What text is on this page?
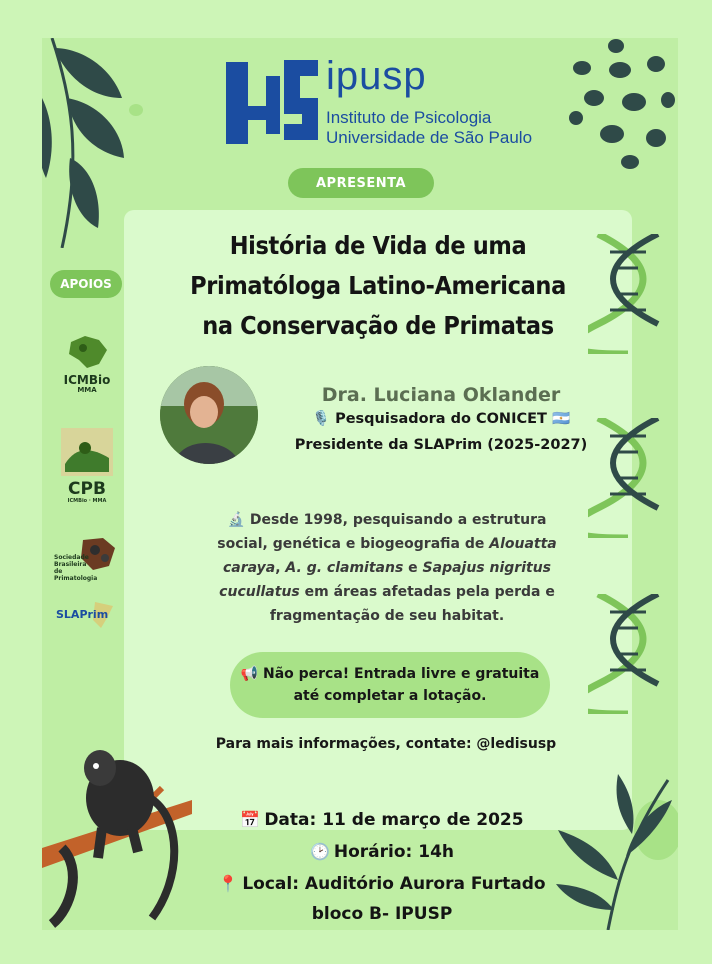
ipusp
Instituto de Psicologia
Universidade de São Paulo
APRESENTA
História de Vida de uma
Primatóloga Latino-Americana
na Conservação de Primatas
APOIOS
ICMBio
MMA
CPB
ICMBio · MMA
Sociedade Brasileira de Primatologia
SLAPrim
Dra. Luciana Oklander
🎙️ Pesquisadora do CONICET 🇦🇷
Presidente da SLAPrim (2025-2027)
🔬 Desde 1998, pesquisando a estrutura
social, genética e biogeografia de Alouatta
caraya, A. g. clamitans e Sapajus nigritus
cucullatus em áreas afetadas pela perda e
fragmentação de seu habitat.
📢 Não perca! Entrada livre e gratuita
até completar a lotação.
Para mais informações, contate: @ledisusp
📅 Data: 11 de março de 2025
🕑 Horário: 14h
📍 Local: Auditório Aurora Furtado
bloco B- IPUSP
